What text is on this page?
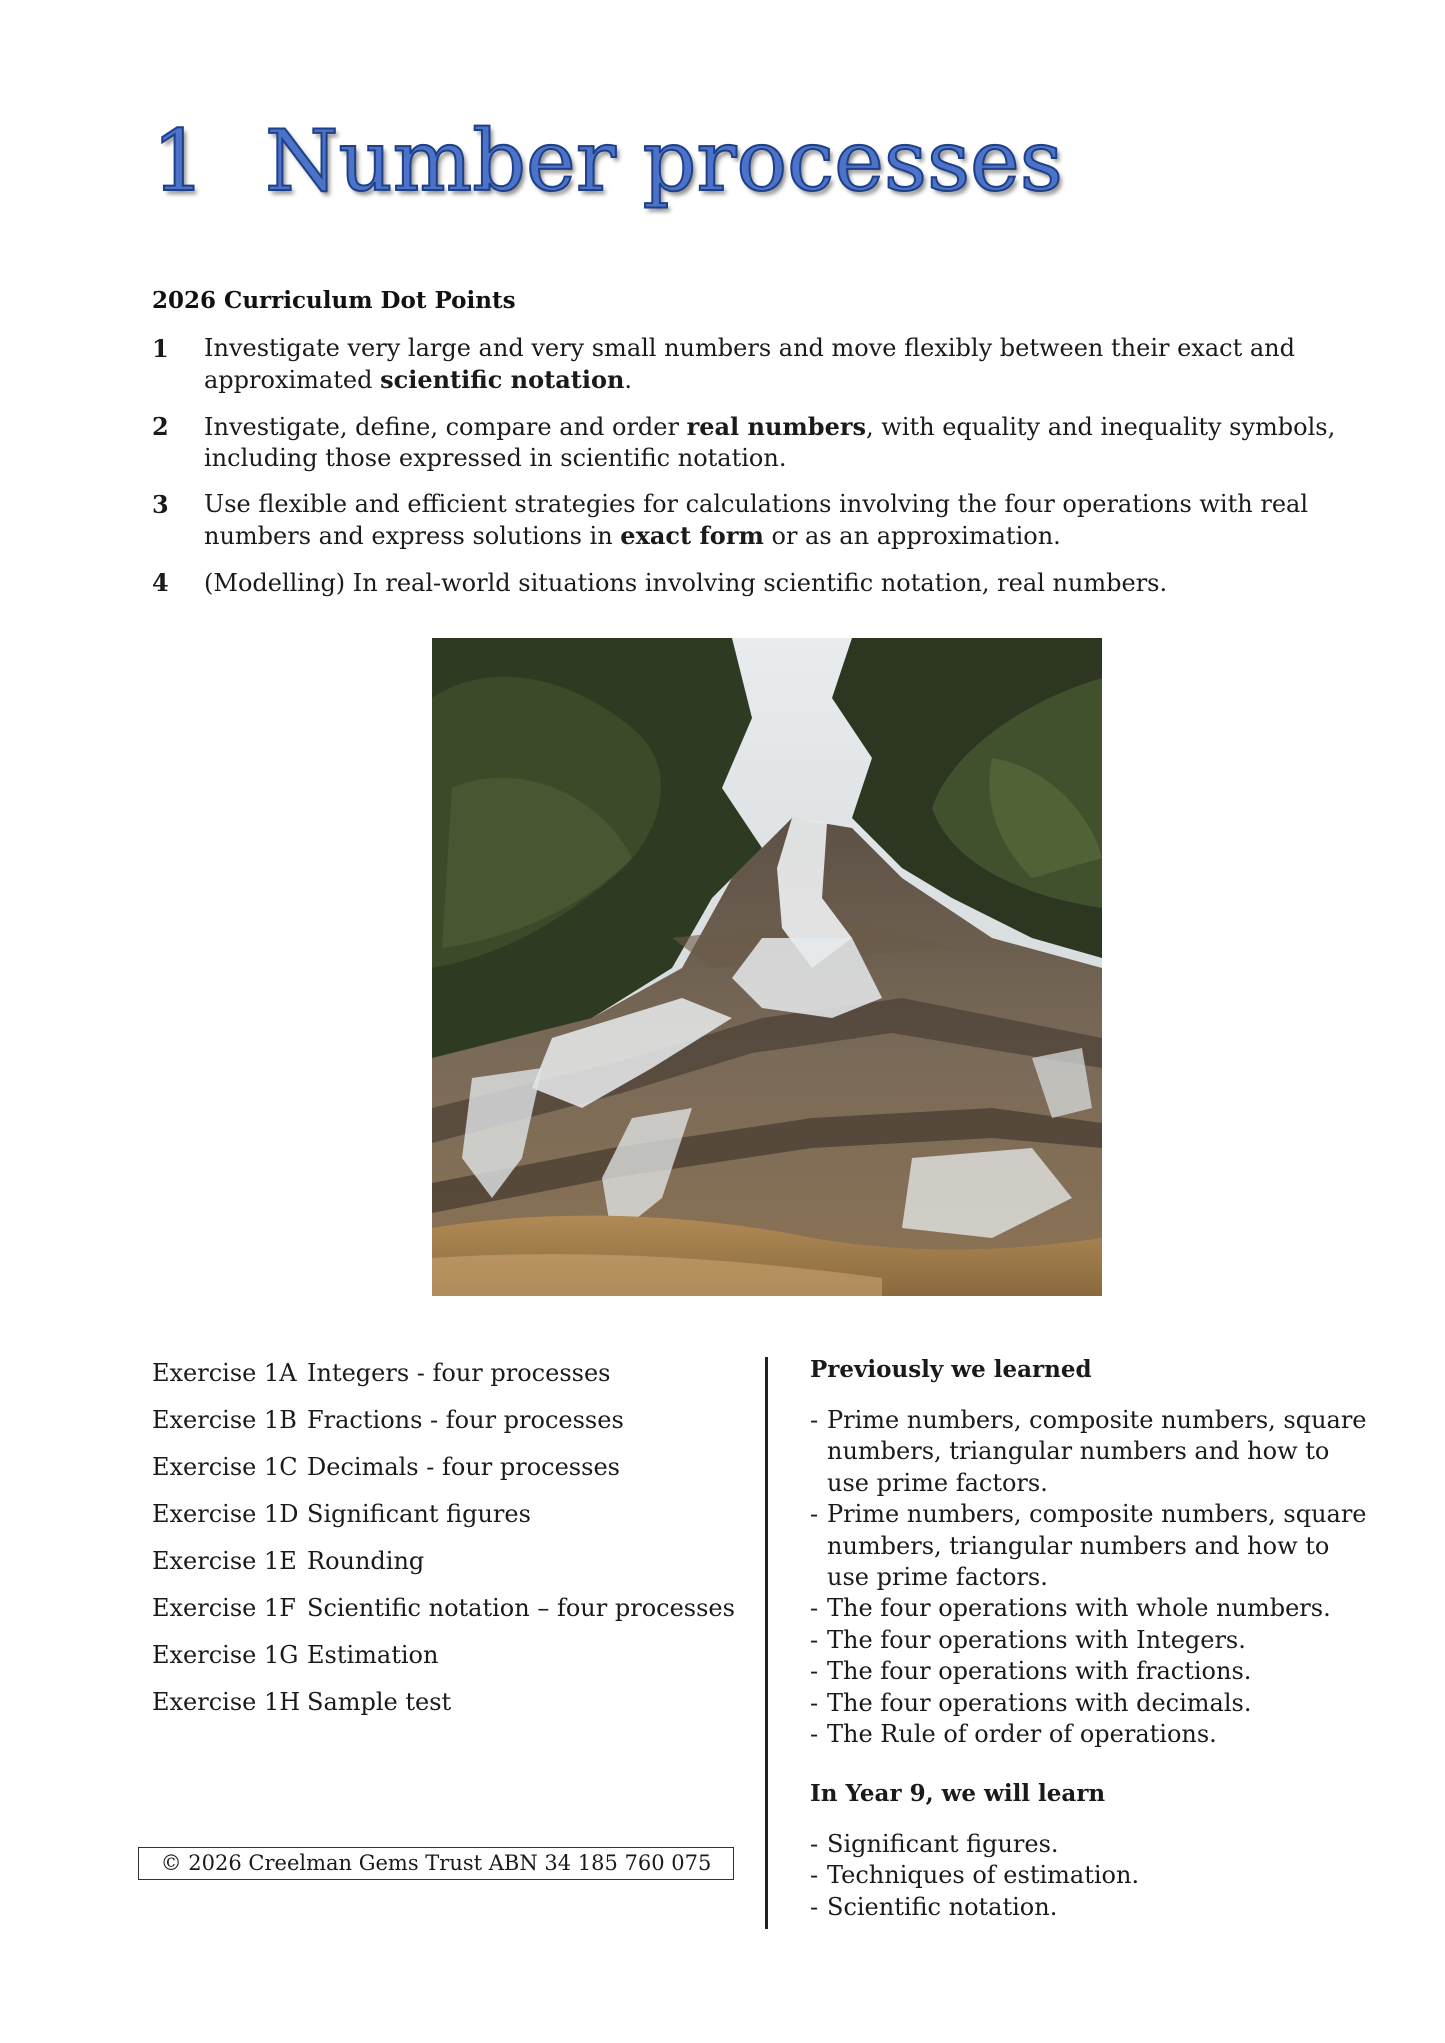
1 Number processes
2026 Curriculum Dot Points
1 Investigate very large and very small numbers and move flexibly between their exact and approximated scientific notation.
2 Investigate, define, compare and order real numbers, with equality and inequality symbols, including those expressed in scientific notation.
3 Use flexible and efficient strategies for calculations involving the four operations with real numbers and express solutions in exact form or as an approximation.
4 (Modelling) In real-world situations involving scientific notation, real numbers.
Exercise 1A Integers - four processes
Exercise 1B Fractions - four processes
Exercise 1C Decimals - four processes
Exercise 1D Significant figures
Exercise 1E Rounding
Exercise 1F Scientific notation – four processes
Exercise 1G Estimation
Exercise 1H Sample test
Previously we learned
- Prime numbers, composite numbers, square numbers, triangular numbers and how to use prime factors.
- Prime numbers, composite numbers, square numbers, triangular numbers and how to use prime factors.
- The four operations with whole numbers.
- The four operations with Integers.
- The four operations with fractions.
- The four operations with decimals.
- The Rule of order of operations.
In Year 9, we will learn
- Significant figures.
- Techniques of estimation.
- Scientific notation.
© 2026 Creelman Gems Trust ABN 34 185 760 075
